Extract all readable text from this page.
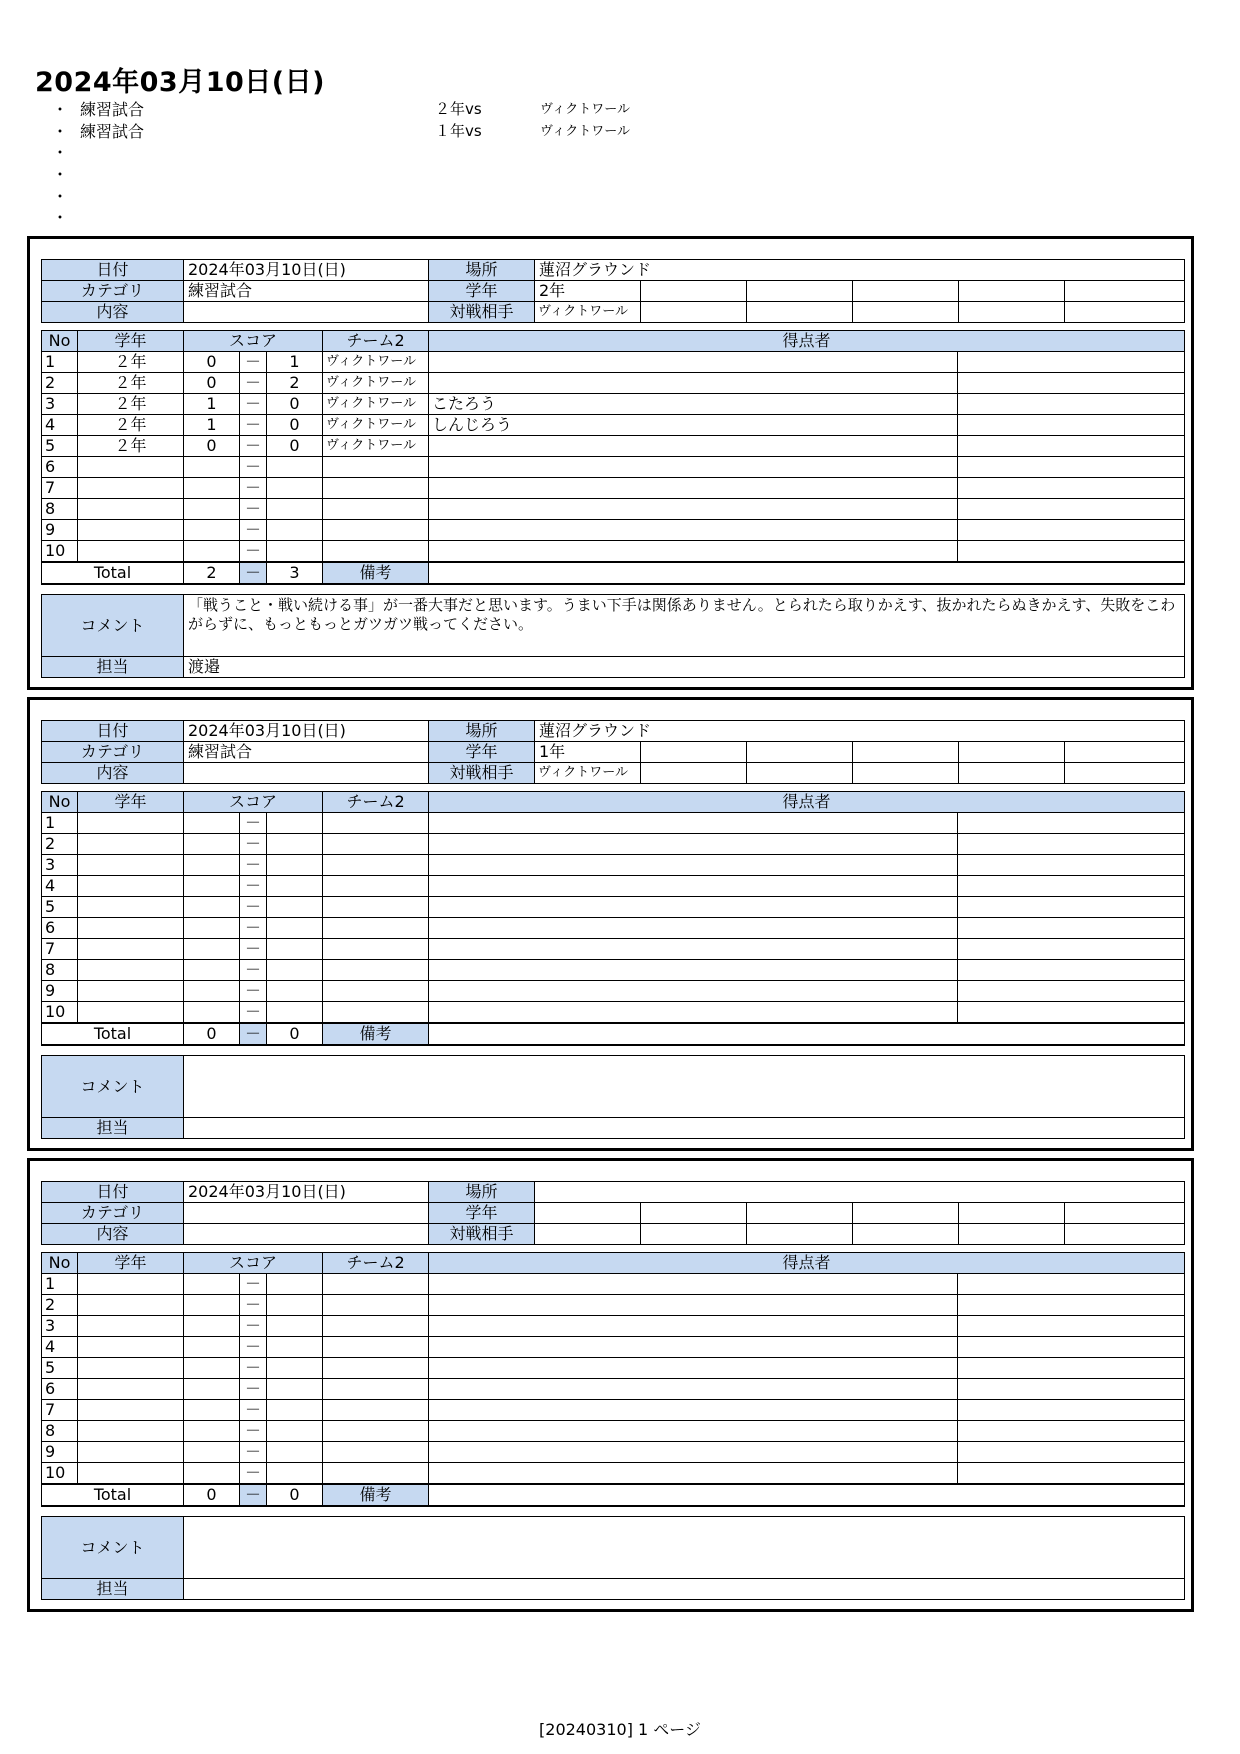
2024年03月10日(日)
・ 練習試合	２年vs	ヴィクトワール
・ 練習試合	１年vs	ヴィクトワール
・
・
・
・
日付	2024年03月10日(日)	場所	蓮沼グラウンド					
カテゴリ	練習試合	学年	2年					
内容		対戦相手	ヴィクトワール					
No	学年	スコア			チーム2	得点者	
1	２年	0	－	1	ヴィクトワール		
2	２年	0	－	2	ヴィクトワール		
3	２年	1	－	0	ヴィクトワール	こたろう	
4	２年	1	－	0	ヴィクトワール	しんじろう	
5	２年	0	－	0	ヴィクトワール		
6			－				
7			－				
8			－				
9			－				
10			－				
Total		2	－	3	備考		
コメント	「戦うこと・戦い続ける事」が一番大事だと思います。うまい下手は関係ありません。とられたら取りかえす、抜かれたらぬきかえす、失敗をこわがらずに、もっともっとガツガツ戦ってください。
担当	渡邉
日付	2024年03月10日(日)	場所	蓮沼グラウンド					
カテゴリ	練習試合	学年	1年					
内容		対戦相手	ヴィクトワール					
No	学年	スコア			チーム2	得点者	
1			－				
2			－				
3			－				
4			－				
5			－				
6			－				
7			－				
8			－				
9			－				
10			－				
Total		0	－	0	備考		
コメント	
担当	
日付	2024年03月10日(日)	場所						
カテゴリ		学年						
内容		対戦相手						
No	学年	スコア			チーム2	得点者	
1			－				
2			－				
3			－				
4			－				
5			－				
6			－				
7			－				
8			－				
9			－				
10			－				
Total		0	－	0	備考		
コメント	
担当	
[20240310] 1 ページ
